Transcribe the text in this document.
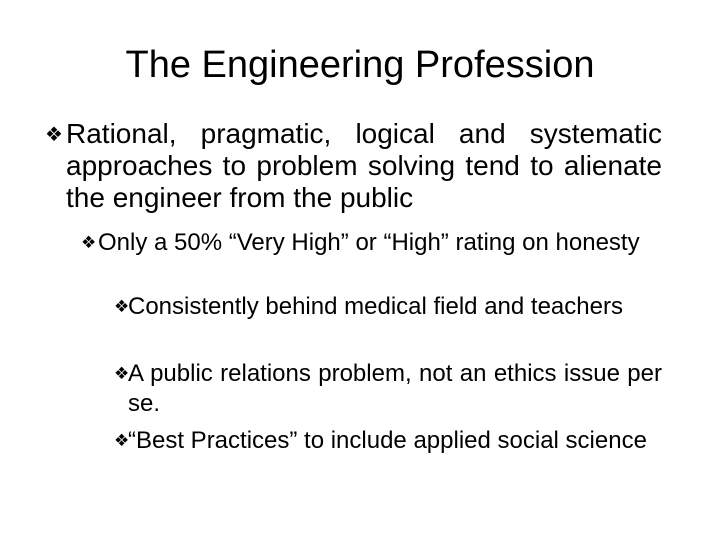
The Engineering Profession
❖ Rational, pragmatic, logical and systematic approaches to problem solving tend to alienate the engineer from the public
❖ Only a 50% “Very High” or “High” rating on honesty
❖
Consistently behind medical field and teachers
❖
A public relations problem, not an ethics issue per se.
❖
“Best Practices” to include applied social science
